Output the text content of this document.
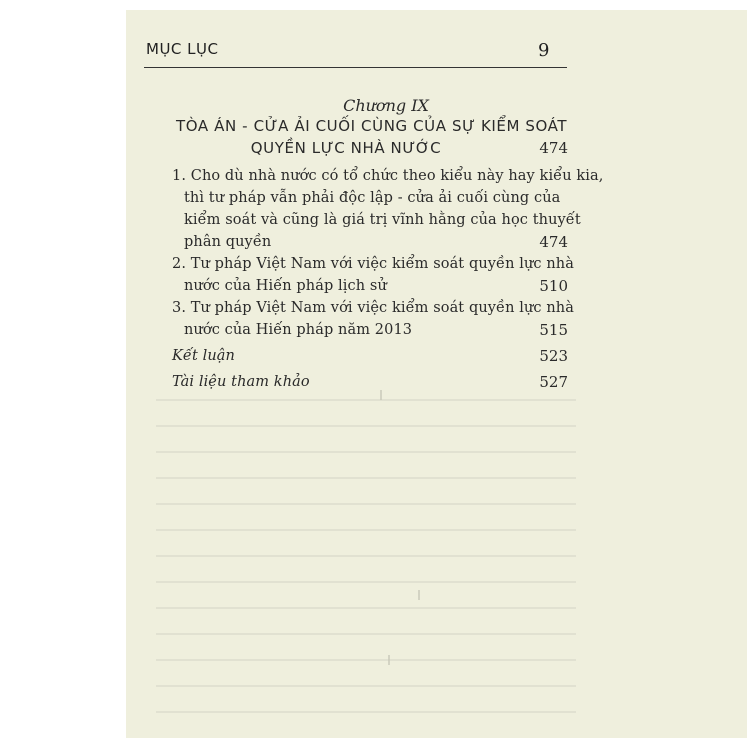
MỤC LỤC	9
Chương IX
TÒA ÁN - CỬA ẢI CUỐI CÙNG CỦA SỰ KIỂM SOÁT
QUYỀN LỰC NHÀ NƯỚC	474
1. Cho dù nhà nước có tổ chức theo kiểu này hay kiểu kia,
thì tư pháp vẫn phải độc lập - cửa ải cuối cùng của
kiểm soát và cũng là giá trị vĩnh hằng của học thuyết
phân quyền	474
2. Tư pháp Việt Nam với việc kiểm soát quyền lực nhà
nước của Hiến pháp lịch sử	510
3. Tư pháp Việt Nam với việc kiểm soát quyền lực nhà
nước của Hiến pháp năm 2013	515
Kết luận	523
Tài liệu tham khảo	527
